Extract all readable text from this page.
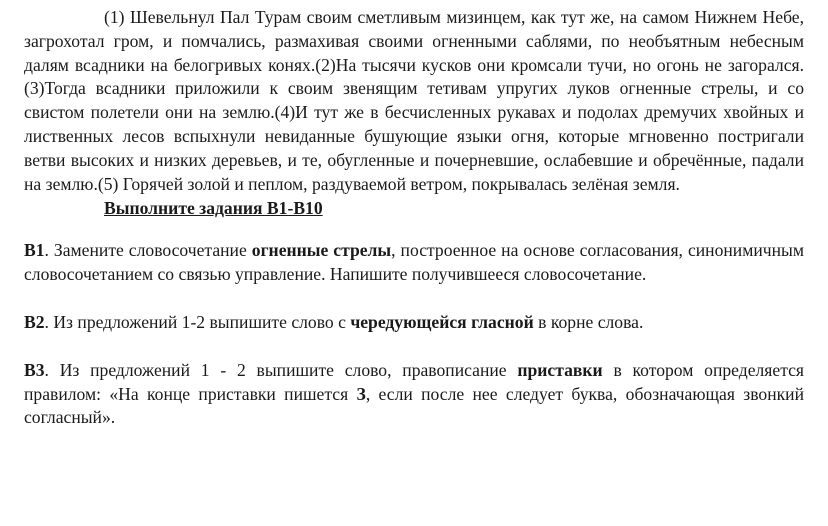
(1) Шевельнул Пал Турам своим сметливым мизинцем, как тут же, на самом Нижнем Небе, загрохотал гром, и помчались, размахивая своими огненными саблями, по необъятным небесным далям всадники на белогривых конях.(2)На тысячи кусков они кромсали тучи, но огонь не загорался. (3)Тогда всадники приложили к своим звенящим тетивам упругих луков огненные стрелы, и со свистом полетели они на землю.(4)И тут же в бесчисленных рукавах и подолах дремучих хвойных и лиственных лесов вспыхнули невиданные бушующие языки огня, которые мгновенно постригали ветви высоких и низких деревьев, и те, обугленные и почерневшие, ослабевшие и обречённые, падали на землю.(5) Горячей золой и пеплом, раздуваемой ветром, покрывалась зелёная земля.

Выполните задания В1-В10

В1. Замените словосочетание огненные стрелы, построенное на основе согласования, синонимичным словосочетанием со связью управление. Напишите получившееся словосочетание.

В2. Из предложений 1-2 выпишите слово с чередующейся гласной в корне слова.

В3. Из предложений 1 - 2 выпишите слово, правописание приставки в котором определяется правилом: «На конце приставки пишется З, если после нее следует буква, обозначающая звонкий согласный».
